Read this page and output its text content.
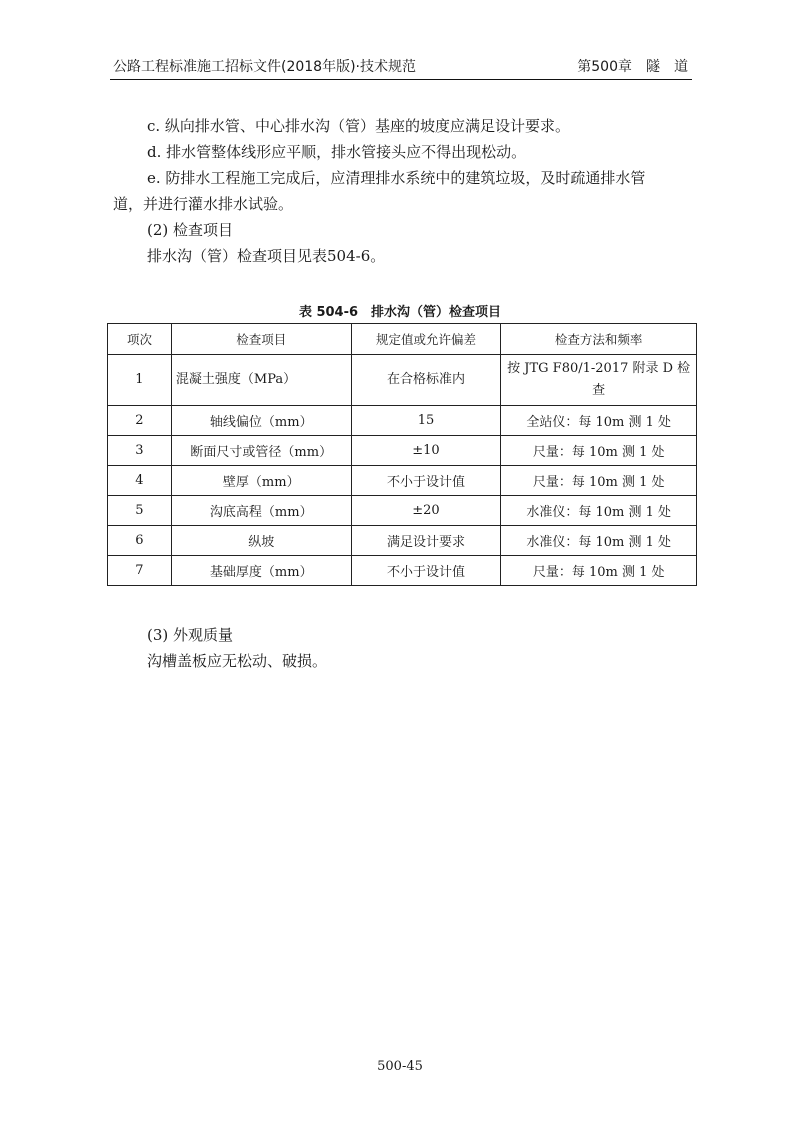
公路工程标准施工招标文件(2018年版)·技术规范	第500章　隧　道
c. 纵向排水管、中心排水沟（管）基座的坡度应满足设计要求。
d. 排水管整体线形应平顺，排水管接头应不得出现松动。
e. 防排水工程施工完成后，应清理排水系统中的建筑垃圾，及时疏通排水管
道，并进行灌水排水试验。
(2) 检查项目
排水沟（管）检查项目见表504-6。
表 504-6　排水沟（管）检查项目
项次	检查项目	规定值或允许偏差	检查方法和频率
1	混凝土强度（MPa）	在合格标准内	按 JTG F80/1-2017 附录 D 检查
2	轴线偏位（mm）	15	全站仪：每 10m 测 1 处
3	断面尺寸或管径（mm）	±10	尺量：每 10m 测 1 处
4	壁厚（mm）	不小于设计值	尺量：每 10m 测 1 处
5	沟底高程（mm）	±20	水准仪：每 10m 测 1 处
6	纵坡	满足设计要求	水准仪：每 10m 测 1 处
7	基础厚度（mm）	不小于设计值	尺量：每 10m 测 1 处
(3) 外观质量
沟槽盖板应无松动、破损。
500-45
